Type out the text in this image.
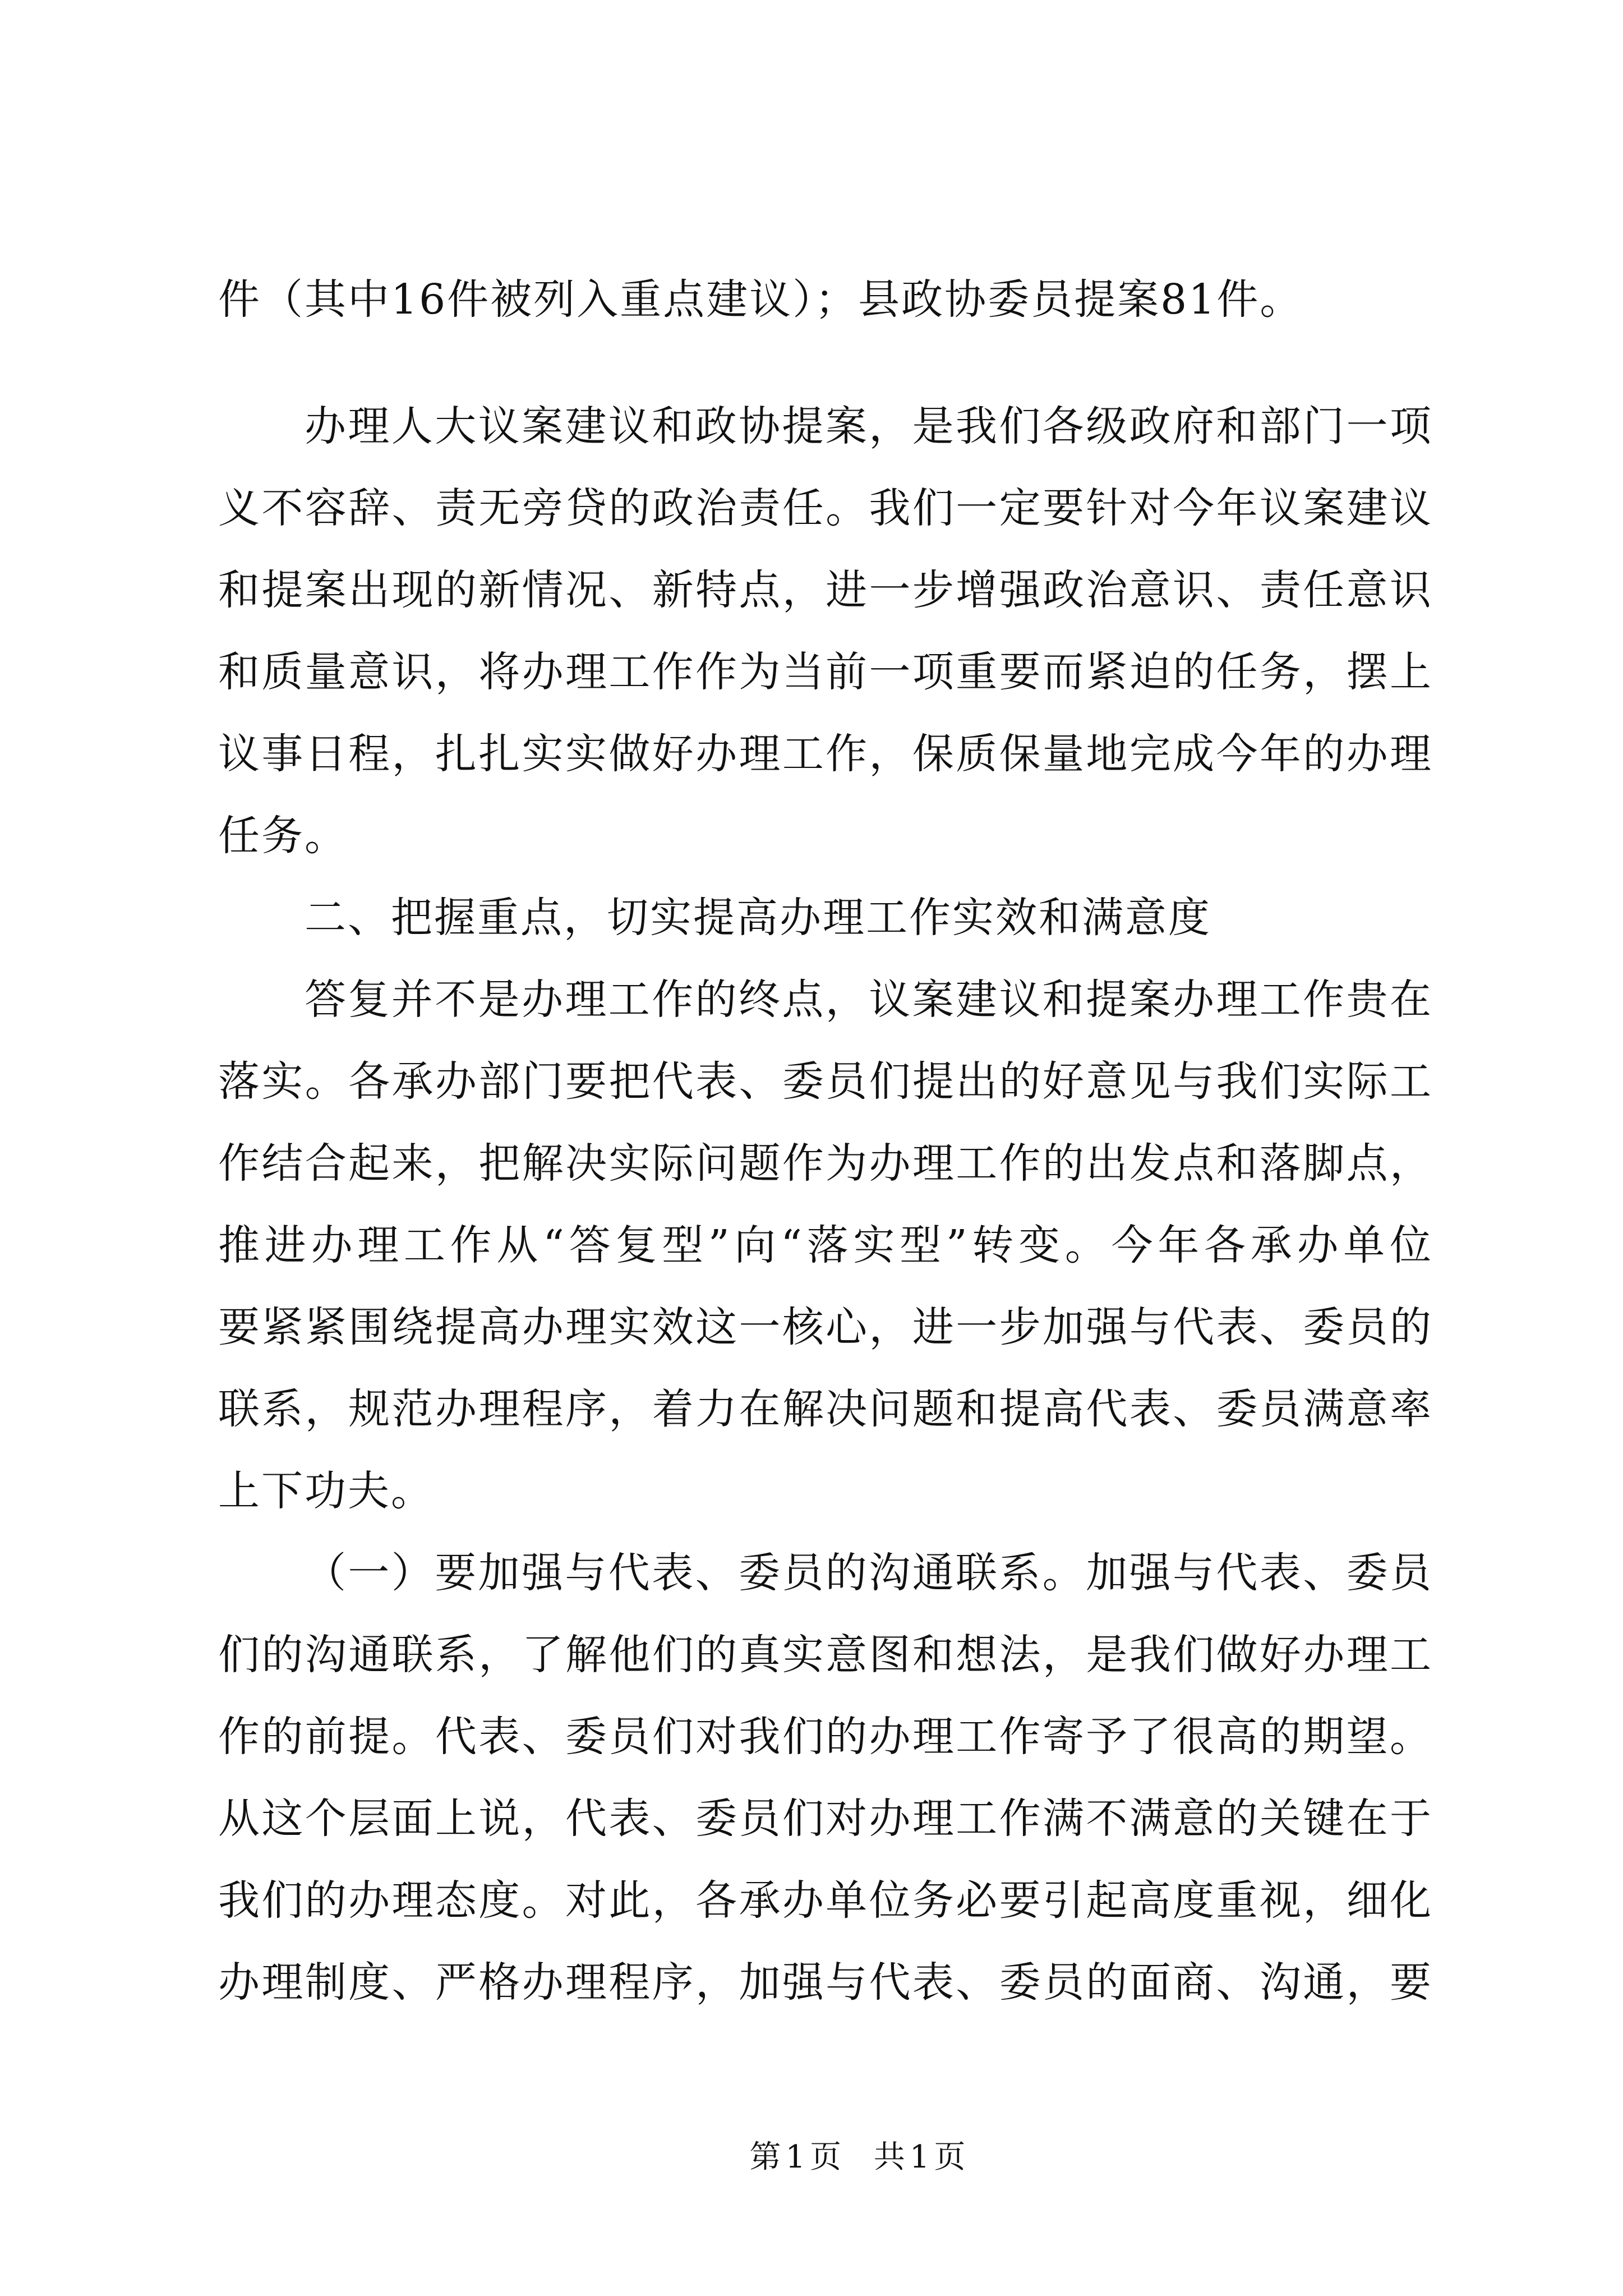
件（其中16件被列入重点建议）；县政协委员提案81件。
办理人大议案建议和政协提案，是我们各级政府和部门一项
义不容辞、责无旁贷的政治责任。我们一定要针对今年议案建议
和提案出现的新情况、新特点，进一步增强政治意识、责任意识
和质量意识，将办理工作作为当前一项重要而紧迫的任务，摆上
议事日程，扎扎实实做好办理工作，保质保量地完成今年的办理
任务。
二、把握重点，切实提高办理工作实效和满意度
答复并不是办理工作的终点，议案建议和提案办理工作贵在
落实。各承办部门要把代表、委员们提出的好意见与我们实际工
作结合起来，把解决实际问题作为办理工作的出发点和落脚点，
推进办理工作从“答复型”向“落实型”转变。今年各承办单位
要紧紧围绕提高办理实效这一核心，进一步加强与代表、委员的
联系，规范办理程序，着力在解决问题和提高代表、委员满意率
上下功夫。
（一）要加强与代表、委员的沟通联系。加强与代表、委员
们的沟通联系，了解他们的真实意图和想法，是我们做好办理工
作的前提。代表、委员们对我们的办理工作寄予了很高的期望。
从这个层面上说，代表、委员们对办理工作满不满意的关键在于
我们的办理态度。对此，各承办单位务必要引起高度重视，细化
办理制度、严格办理程序，加强与代表、委员的面商、沟通，要
第1页 共1页
